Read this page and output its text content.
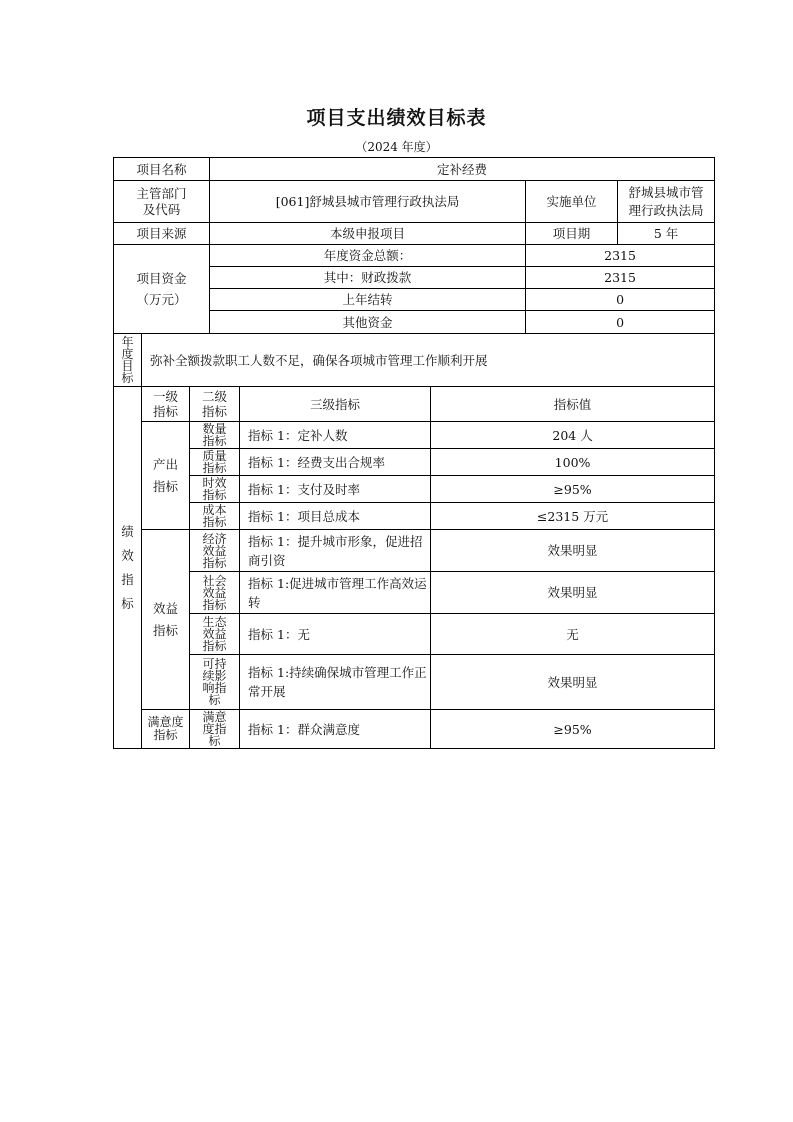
项目支出绩效目标表
（2024 年度）
项目名称			定补经费				
主管部门及代码			[061]舒城县城市管理行政执法局			实施单位	舒城县城市管理行政执法局
项目来源			本级申报项目			项目期	5 年

项目资金
（万元）			年度资金总额：			2315	
			其中：财政拨款			2315	
			上年结转			0	
			其他资金			0	
年度目标	弥补全额拨款职工人数不足，确保各项城市管理工作顺利开展						
绩效指标	一级指标	二级指标		三级指标	指标值		
	产出指标	数量指标		指标 1：定补人数	204 人		
		质量指标		指标 1：经费支出合规率	100%		
		时效指标		指标 1：支付及时率	≥95%		
		成本指标		指标 1：项目总成本	≤2315 万元		
	效益指标	经济效益指标		指标 1：提升城市形象，促进招商引资	效果明显		
		社会效益指标		指标 1:促进城市管理工作高效运转	效果明显		
		生态效益指标		指标 1：无	无		
		可持续影响指标		指标 1:持续确保城市管理工作正常开展	效果明显		
	满意度指标	满意度指标		指标 1：群众满意度	≥95%		
